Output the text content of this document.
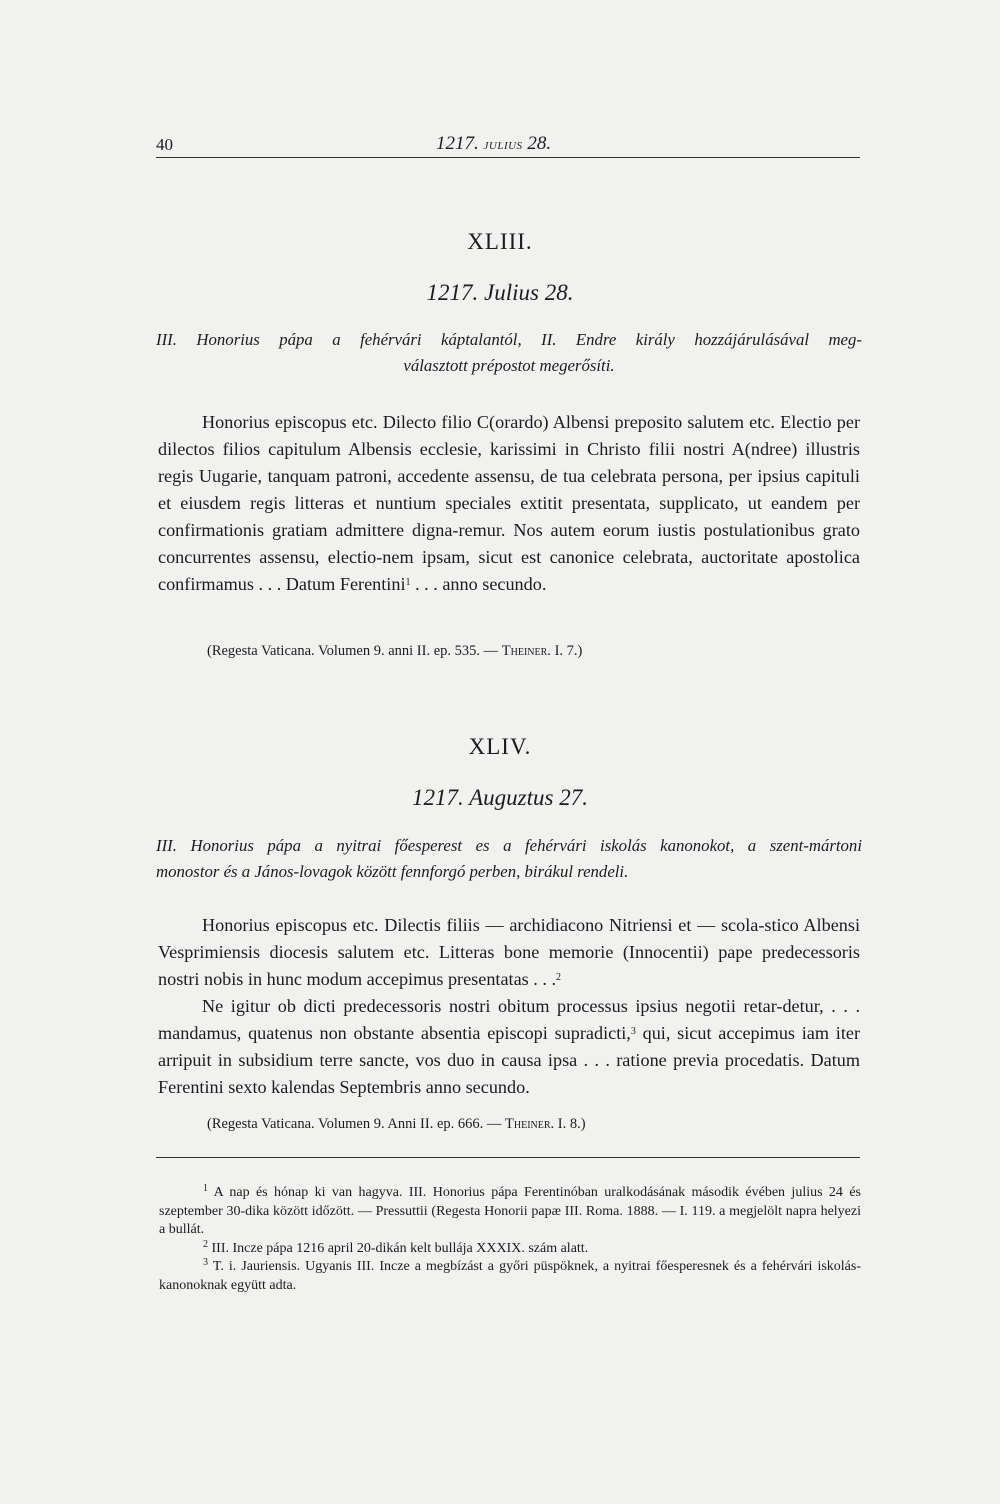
40	1217. julius 28.
XLIII.
1217. Julius 28.
III. Honorius pápa a fehérvári káptalantól, II. Endre király hozzájárulásával meg-
választott prépostot megerősíti.

Honorius episcopus etc. Dilecto filio C(orardo) Albensi preposito salutem etc. Electio per dilectos filios capitulum Albensis ecclesie, karissimi in Christo filii nostri A(ndree) illustris regis Uugarie, tanquam patroni, accedente assensu, de tua celebrata persona, per ipsius capituli et eiusdem regis litteras et nuntium speciales extitit presentata, supplicato, ut eandem per confirmationis gratiam admittere digna-remur. Nos autem eorum iustis postulationibus grato concurrentes assensu, electio-nem ipsam, sicut est canonice celebrata, auctoritate apostolica confirmamus . . . Datum Ferentini$^1$ . . . anno secundo.

(Regesta Vaticana. Volumen 9. anni II. ep. 535. — Theiner. I. 7.)
XLIV.
1217. Auguztus 27.
III. Honorius pápa a nyitrai főesperest es a fehérvári iskolás kanonokot, a szent-mártoni
monostor és a János-lovagok között fennforgó perben, birákul rendeli.

Honorius episcopus etc. Dilectis filiis — archidiacono Nitriensi et — scola-stico Albensi Vesprimiensis diocesis salutem etc. Litteras bone memorie (Innocentii) pape predecessoris nostri nobis in hunc modum accepimus presentatas . . .$^2$

Ne igitur ob dicti predecessoris nostri obitum processus ipsius negotii retar-detur, . . . mandamus, quatenus non obstante absentia episcopi supradicti,$^3$ qui, sicut accepimus iam iter arripuit in subsidium terre sancte, vos duo in causa ipsa . . . ratione previa procedatis. Datum Ferentini sexto kalendas Septembris anno secundo.

(Regesta Vaticana. Volumen 9. Anni II. ep. 666. — Theiner. I. 8.)

$^1$ A nap és hónap ki van hagyva. III. Honorius pápa Ferentinóban uralkodásának második évében julius 24 és szeptember 30-dika között időzött. — Pressuttii (Regesta Honorii papæ III. Roma. 1888. — I. 119. a megjelölt napra helyezi a bullát.

$^2$ III. Incze pápa 1216 april 20-dikán kelt bullája XXXIX. szám alatt.

$^3$ T. i. Jauriensis. Ugyanis III. Incze a megbízást a győri püspöknek, a nyitrai főesperesnek és a fehérvári iskolás-kanonoknak együtt adta.
